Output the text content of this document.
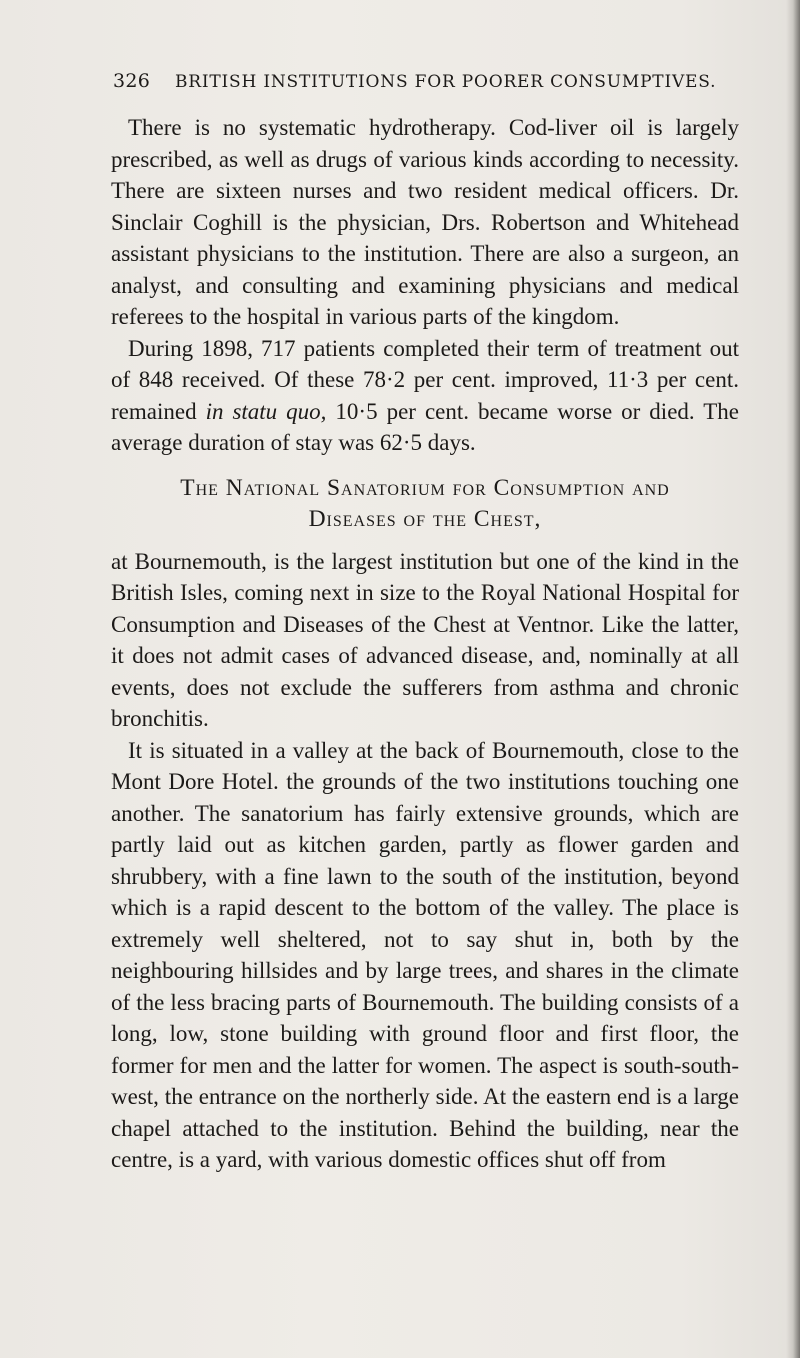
326 BRITISH INSTITUTIONS FOR POORER CONSUMPTIVES.

There is no systematic hydrotherapy. Cod-liver oil is largely prescribed, as well as drugs of various kinds according to necessity. There are sixteen nurses and two resident medical officers. Dr. Sinclair Coghill is the physician, Drs. Robertson and Whitehead assistant physicians to the institution. There are also a surgeon, an analyst, and consulting and examining physicians and medical referees to the hospital in various parts of the kingdom.

During 1898, 717 patients completed their term of treatment out of 848 received. Of these 78·2 per cent. improved, 11·3 per cent. remained in statu quo, 10·5 per cent. became worse or died. The average duration of stay was 62·5 days.

The National Sanatorium for Consumption and
Diseases of the Chest,

at Bournemouth, is the largest institution but one of the kind in the British Isles, coming next in size to the Royal National Hospital for Consumption and Diseases of the Chest at Ventnor. Like the latter, it does not admit cases of advanced disease, and, nominally at all events, does not exclude the sufferers from asthma and chronic bronchitis.

It is situated in a valley at the back of Bournemouth, close to the Mont Dore Hotel. the grounds of the two institutions touching one another. The sanatorium has fairly extensive grounds, which are partly laid out as kitchen garden, partly as flower garden and shrubbery, with a fine lawn to the south of the institution, beyond which is a rapid descent to the bottom of the valley. The place is extremely well sheltered, not to say shut in, both by the neighbouring hillsides and by large trees, and shares in the climate of the less bracing parts of Bournemouth. The building consists of a long, low, stone building with ground floor and first floor, the former for men and the latter for women. The aspect is south-south-west, the entrance on the northerly side. At the eastern end is a large chapel attached to the institution. Behind the building, near the centre, is a yard, with various domestic offices shut off from
